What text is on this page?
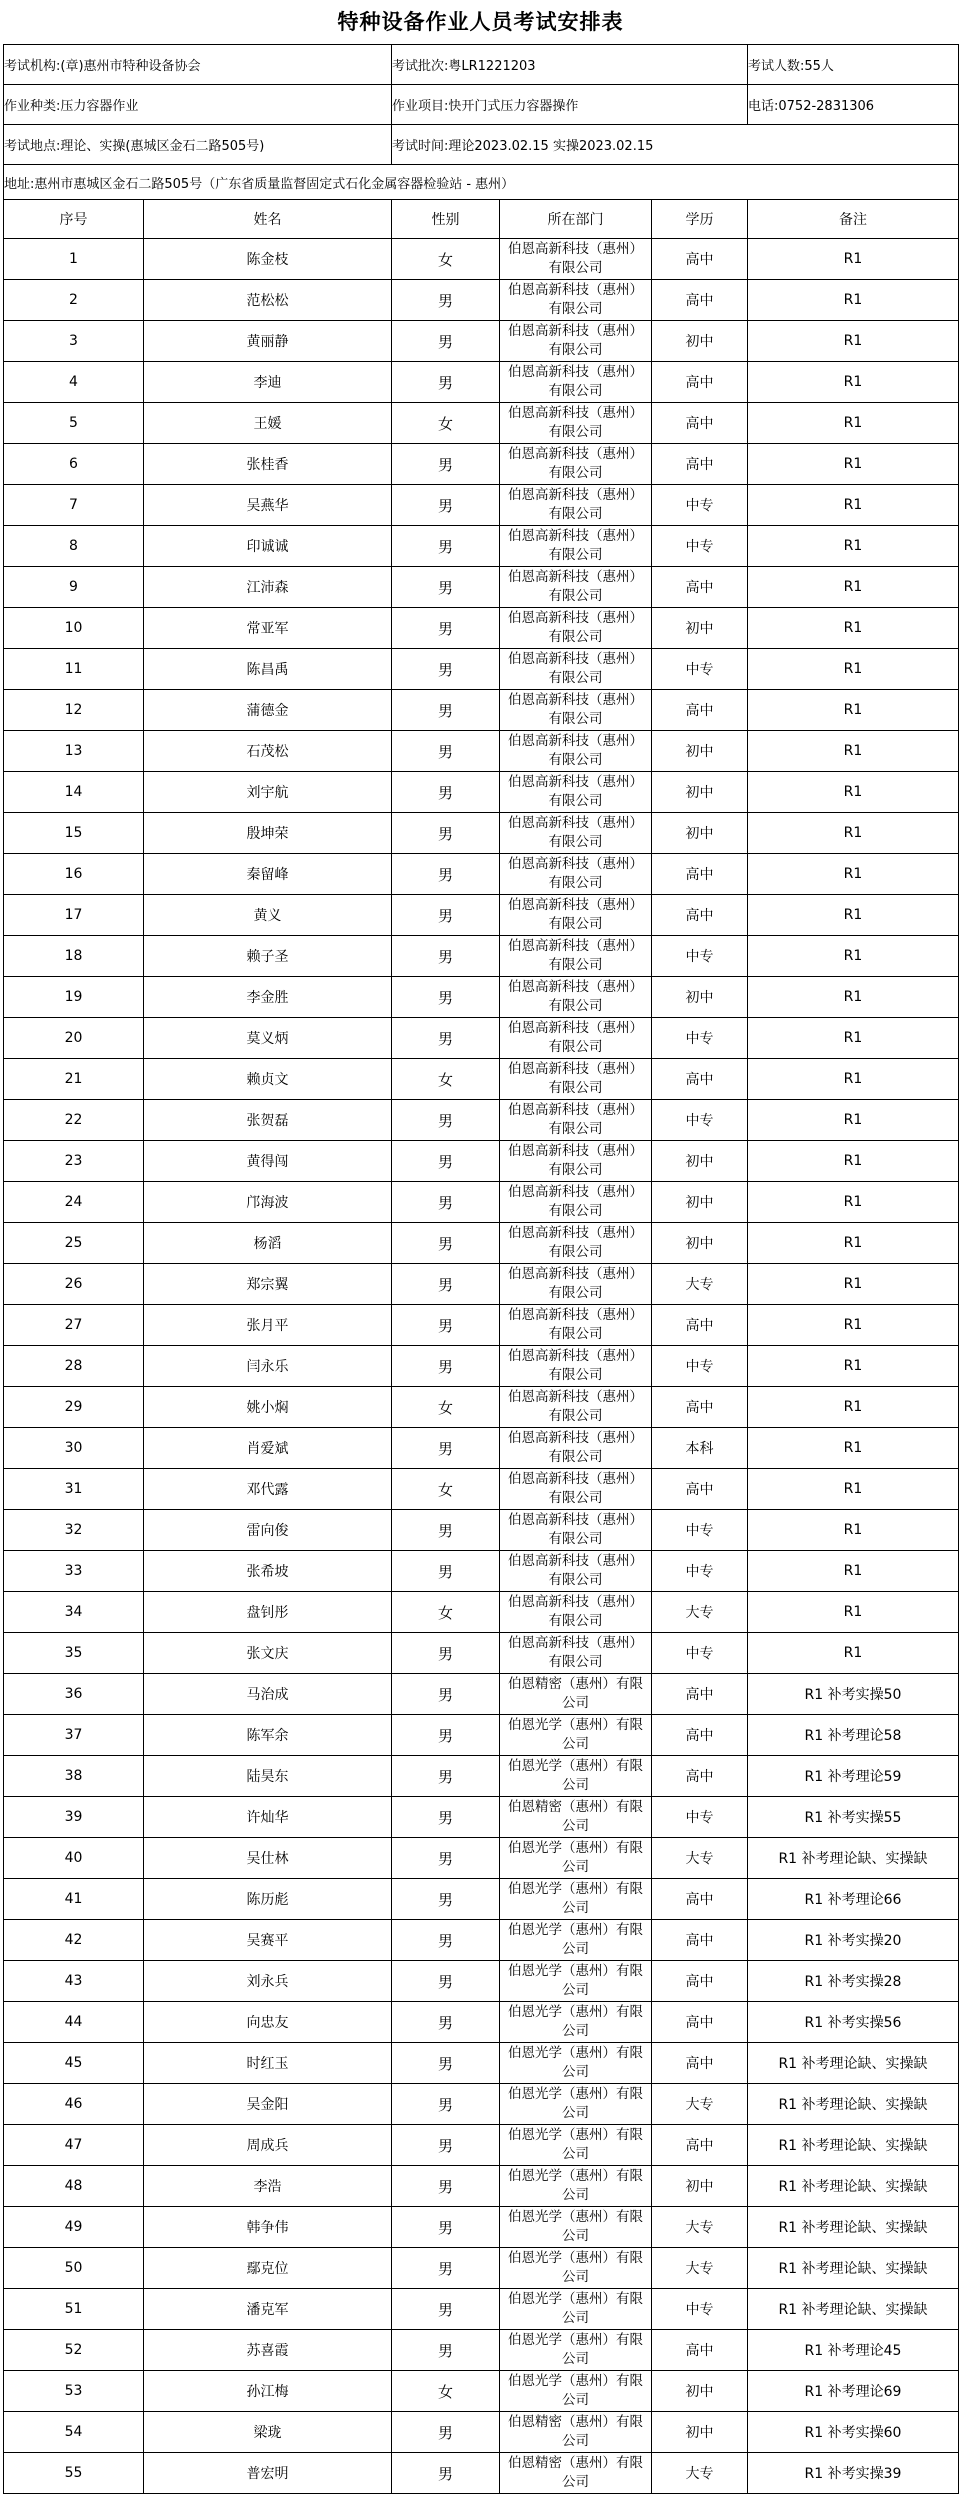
特种设备作业人员考试安排表
考试机构:(章)惠州市特种设备协会		考试批次:粤LR1221203			考试人数:55人
作业种类:压力容器作业		作业项目:快开门式压力容器操作			电话:0752-2831306
考试地点:理论、实操(惠城区金石二路505号)		考试时间:理论2023.02.15 实操2023.02.15			
地址:惠州市惠城区金石二路505号（广东省质量监督固定式石化金属容器检验站 - 惠州）					
序号	姓名	性别	所在部门	学历	备注
1	陈金枝	女	伯恩高新科技（惠州）有限公司	高中	R1
2	范松松	男	伯恩高新科技（惠州）有限公司	高中	R1
3	黄丽静	男	伯恩高新科技（惠州）有限公司	初中	R1
4	李迪	男	伯恩高新科技（惠州）有限公司	高中	R1
5	王媛	女	伯恩高新科技（惠州）有限公司	高中	R1
6	张桂香	男	伯恩高新科技（惠州）有限公司	高中	R1
7	吴燕华	男	伯恩高新科技（惠州）有限公司	中专	R1
8	印诚诚	男	伯恩高新科技（惠州）有限公司	中专	R1
9	江沛森	男	伯恩高新科技（惠州）有限公司	高中	R1
10	常亚军	男	伯恩高新科技（惠州）有限公司	初中	R1
11	陈昌禹	男	伯恩高新科技（惠州）有限公司	中专	R1
12	蒲德金	男	伯恩高新科技（惠州）有限公司	高中	R1
13	石茂松	男	伯恩高新科技（惠州）有限公司	初中	R1
14	刘宇航	男	伯恩高新科技（惠州）有限公司	初中	R1
15	殷坤荣	男	伯恩高新科技（惠州）有限公司	初中	R1
16	秦留峰	男	伯恩高新科技（惠州）有限公司	高中	R1
17	黄义	男	伯恩高新科技（惠州）有限公司	高中	R1
18	赖子圣	男	伯恩高新科技（惠州）有限公司	中专	R1
19	李金胜	男	伯恩高新科技（惠州）有限公司	初中	R1
20	莫义炳	男	伯恩高新科技（惠州）有限公司	中专	R1
21	赖贞文	女	伯恩高新科技（惠州）有限公司	高中	R1
22	张贺磊	男	伯恩高新科技（惠州）有限公司	中专	R1
23	黄得闯	男	伯恩高新科技（惠州）有限公司	初中	R1
24	邝海波	男	伯恩高新科技（惠州）有限公司	初中	R1
25	杨滔	男	伯恩高新科技（惠州）有限公司	初中	R1
26	郑宗翼	男	伯恩高新科技（惠州）有限公司	大专	R1
27	张月平	男	伯恩高新科技（惠州）有限公司	高中	R1
28	闫永乐	男	伯恩高新科技（惠州）有限公司	中专	R1
29	姚小焖	女	伯恩高新科技（惠州）有限公司	高中	R1
30	肖爱斌	男	伯恩高新科技（惠州）有限公司	本科	R1
31	邓代露	女	伯恩高新科技（惠州）有限公司	高中	R1
32	雷向俊	男	伯恩高新科技（惠州）有限公司	中专	R1
33	张希坡	男	伯恩高新科技（惠州）有限公司	中专	R1
34	盘钊彤	女	伯恩高新科技（惠州）有限公司	大专	R1
35	张文庆	男	伯恩高新科技（惠州）有限公司	中专	R1
36	马治成	男	伯恩精密（惠州）有限公司	高中	R1 补考实操50
37	陈军余	男	伯恩光学（惠州）有限公司	高中	R1 补考理论58
38	陆昊东	男	伯恩光学（惠州）有限公司	高中	R1 补考理论59
39	许灿华	男	伯恩精密（惠州）有限公司	中专	R1 补考实操55
40	吴仕林	男	伯恩光学（惠州）有限公司	大专	R1 补考理论缺、实操缺
41	陈历彪	男	伯恩光学（惠州）有限公司	高中	R1 补考理论66
42	吴赛平	男	伯恩光学（惠州）有限公司	高中	R1 补考实操20
43	刘永兵	男	伯恩光学（惠州）有限公司	高中	R1 补考实操28
44	向忠友	男	伯恩光学（惠州）有限公司	高中	R1 补考实操56
45	时红玉	男	伯恩光学（惠州）有限公司	高中	R1 补考理论缺、实操缺
46	吴金阳	男	伯恩光学（惠州）有限公司	大专	R1 补考理论缺、实操缺
47	周成兵	男	伯恩光学（惠州）有限公司	高中	R1 补考理论缺、实操缺
48	李浩	男	伯恩光学（惠州）有限公司	初中	R1 补考理论缺、实操缺
49	韩争伟	男	伯恩光学（惠州）有限公司	大专	R1 补考理论缺、实操缺
50	鄢克位	男	伯恩光学（惠州）有限公司	大专	R1 补考理论缺、实操缺
51	潘克军	男	伯恩光学（惠州）有限公司	中专	R1 补考理论缺、实操缺
52	苏喜霞	男	伯恩光学（惠州）有限公司	高中	R1 补考理论45
53	孙江梅	女	伯恩光学（惠州）有限公司	初中	R1 补考理论69
54	梁珑	男	伯恩精密（惠州）有限公司	初中	R1 补考实操60
55	普宏明	男	伯恩精密（惠州）有限公司	大专	R1 补考实操39
